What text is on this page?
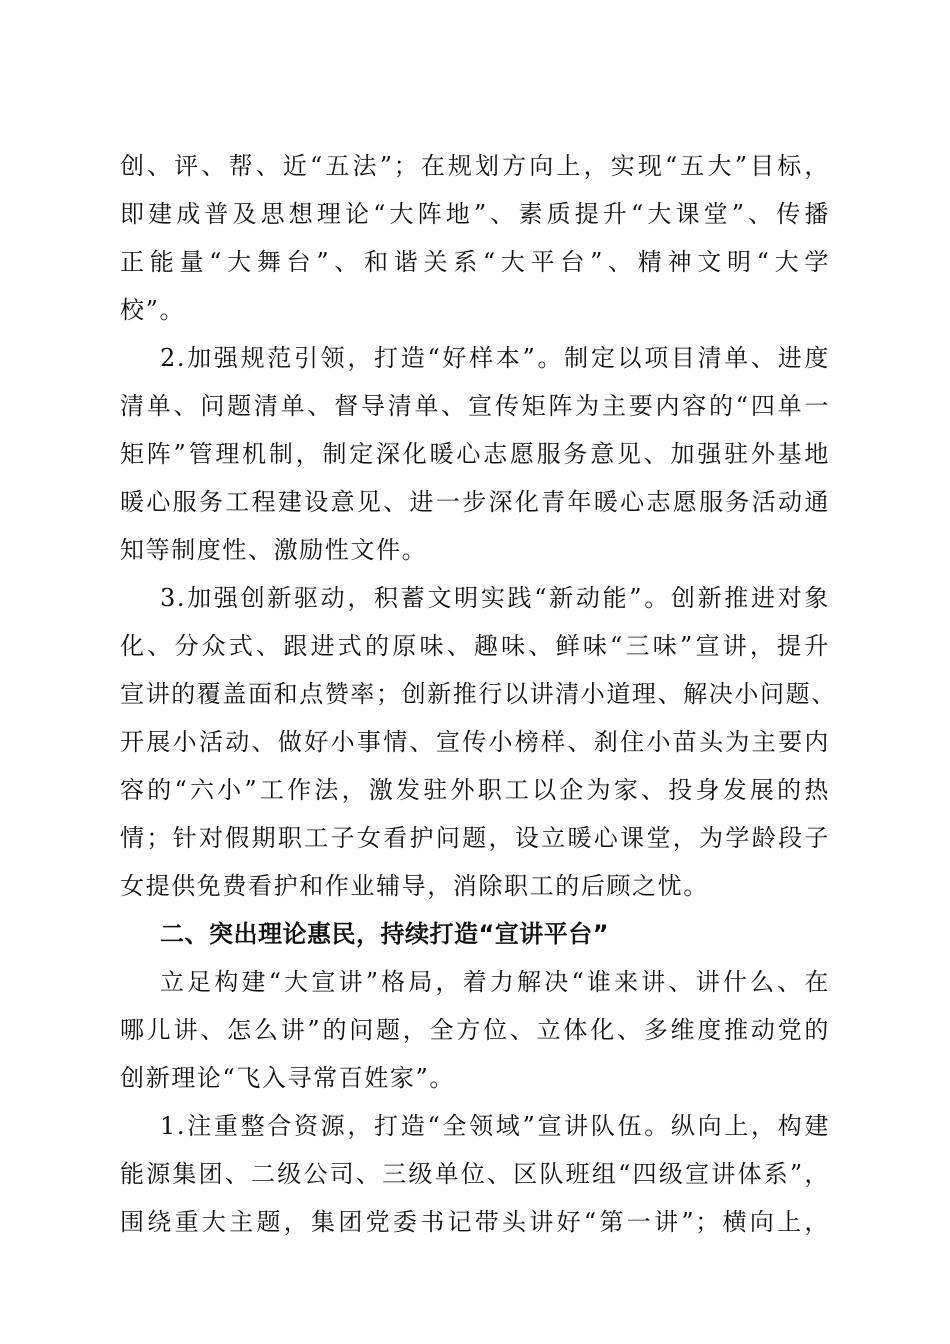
创、评、帮、近“五法”；在规划方向上，实现“五大”目标，
即建成普及思想理论“大阵地”、素质提升“大课堂”、传播
正能量“大舞台”、和谐关系“大平台”、精神文明“大学
校”。
2.加强规范引领，打造“好样本”。制定以项目清单、进度
清单、问题清单、督导清单、宣传矩阵为主要内容的“四单一
矩阵”管理机制，制定深化暖心志愿服务意见、加强驻外基地
暖心服务工程建设意见、进一步深化青年暖心志愿服务活动通
知等制度性、激励性文件。
3.加强创新驱动，积蓄文明实践“新动能”。创新推进对象
化、分众式、跟进式的原味、趣味、鲜味“三味”宣讲，提升
宣讲的覆盖面和点赞率；创新推行以讲清小道理、解决小问题、
开展小活动、做好小事情、宣传小榜样、刹住小苗头为主要内
容的“六小”工作法，激发驻外职工以企为家、投身发展的热
情；针对假期职工子女看护问题，设立暖心课堂，为学龄段子
女提供免费看护和作业辅导，消除职工的后顾之忧。
二、突出理论惠民，持续打造“宣讲平台”
立足构建“大宣讲”格局，着力解决“谁来讲、讲什么、在
哪儿讲、怎么讲”的问题，全方位、立体化、多维度推动党的
创新理论“飞入寻常百姓家”。
1.注重整合资源，打造“全领域”宣讲队伍。纵向上，构建
能源集团、二级公司、三级单位、区队班组“四级宣讲体系”，
围绕重大主题，集团党委书记带头讲好“第一讲”；横向上，
